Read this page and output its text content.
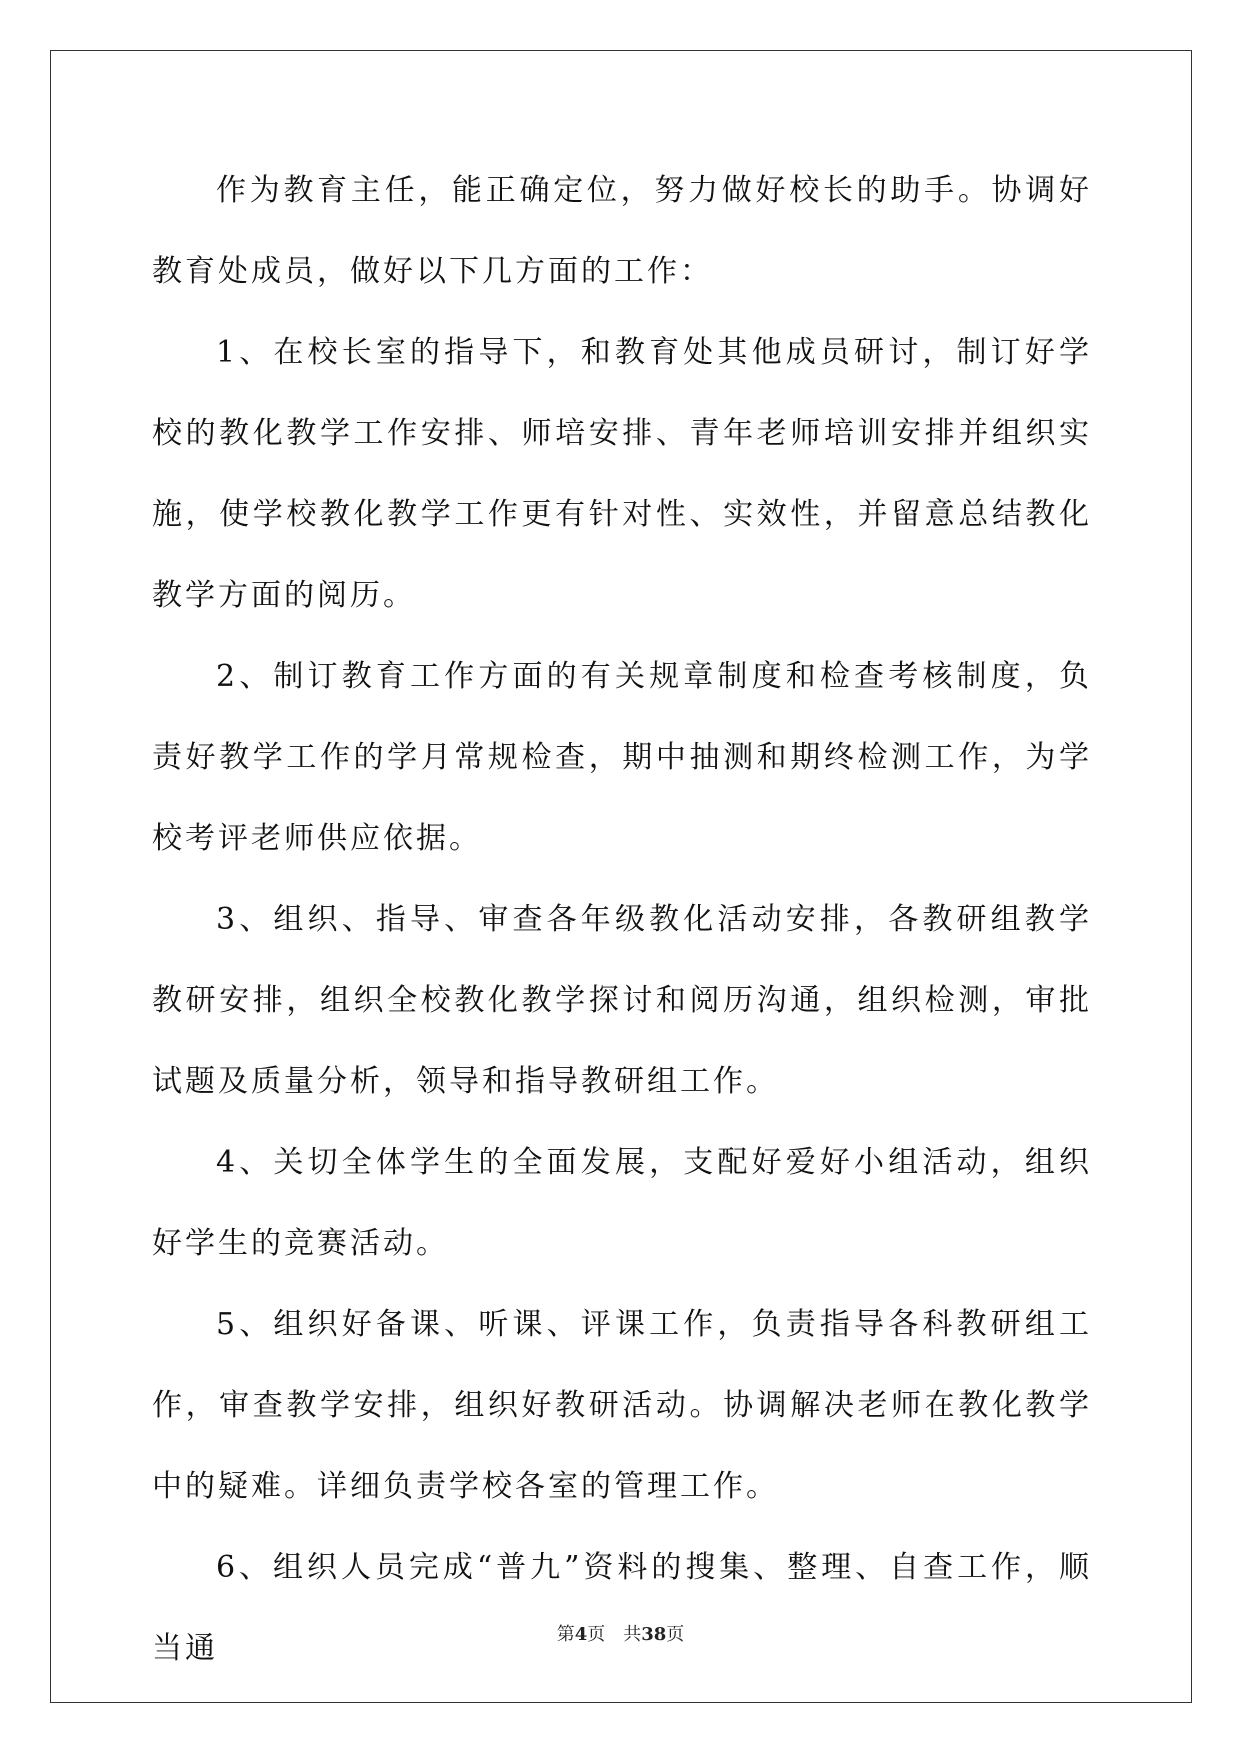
作为教育主任，能正确定位，努力做好校长的助手。协调好教育处成员，做好以下几方面的工作：

1、在校长室的指导下，和教育处其他成员研讨，制订好学校的教化教学工作安排、师培安排、青年老师培训安排并组织实施，使学校教化教学工作更有针对性、实效性，并留意总结教化教学方面的阅历。

2、制订教育工作方面的有关规章制度和检查考核制度，负责好教学工作的学月常规检查，期中抽测和期终检测工作，为学校考评老师供应依据。

3、组织、指导、审查各年级教化活动安排，各教研组教学教研安排，组织全校教化教学探讨和阅历沟通，组织检测，审批试题及质量分析，领导和指导教研组工作。

4、关切全体学生的全面发展，支配好爱好小组活动，组织好学生的竞赛活动。

5、组织好备课、听课、评课工作，负责指导各科教研组工作，审查教学安排，组织好教研活动。协调解决老师在教化教学中的疑难。详细负责学校各室的管理工作。

6、组织人员完成“普九”资料的搜集、整理、自查工作，顺当通	第4页 共38页
